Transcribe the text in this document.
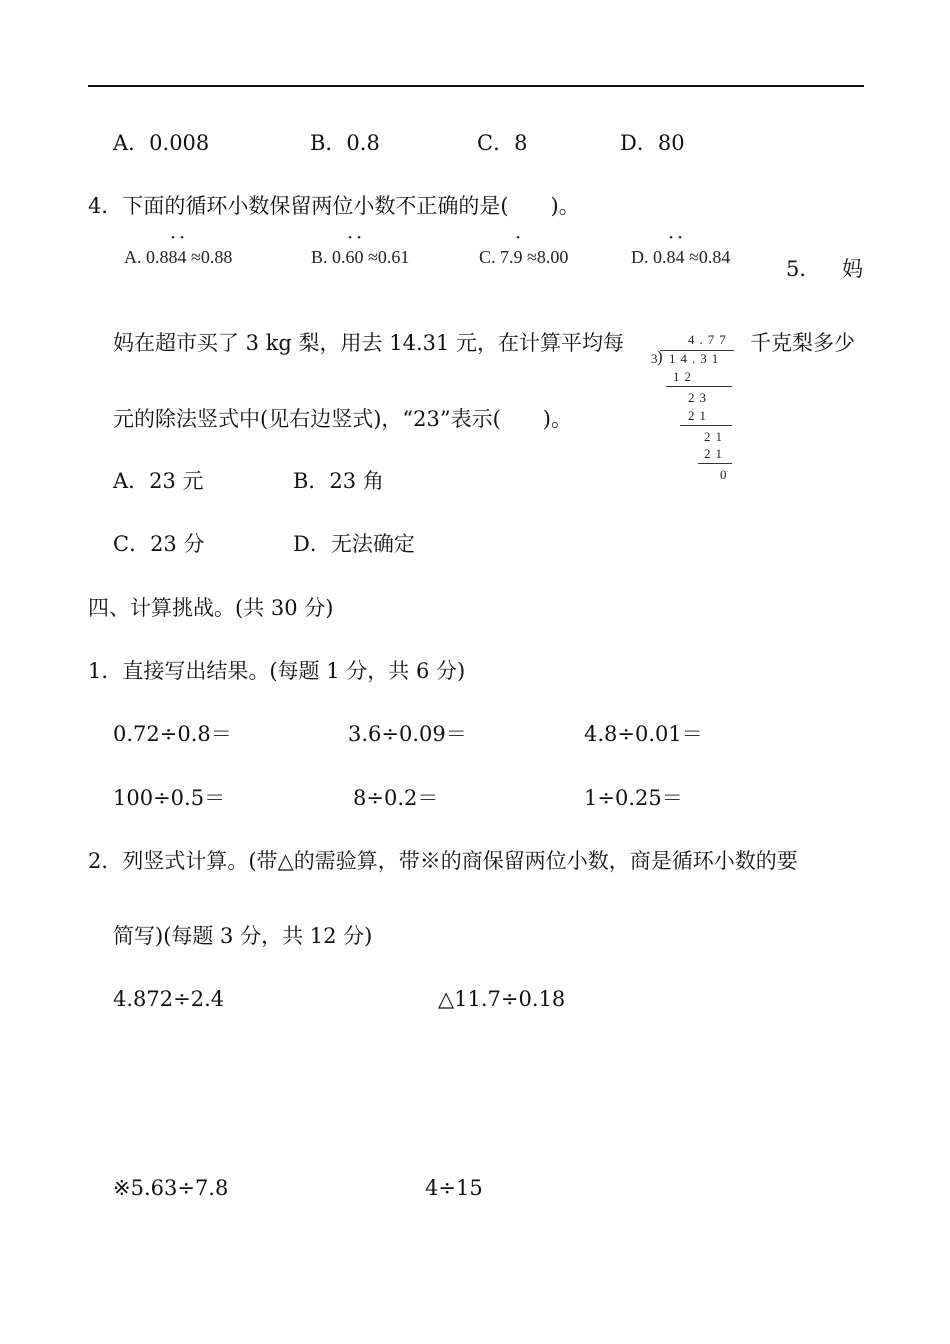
A．0.008	B．0.8	C．8	D．80
4．下面的循环小数保留两位小数不正确的是(　　)。
A. 0.8• 8• 4 ≈0.88	B. 0.• 6• 0 ≈0.61	C. 7.• 9 ≈8.00	D. 0.• 8• 4 ≈0.84	5． 妈
妈在超市买了 3 kg 梨，用去 14.31 元，在计算平均每	千克梨多少
元的除法竖式中(见右边竖式)，“23”表示(　　)。
4.77
3 ) 14.31
12
23
21
21
21
0
A．23 元	B．23 角
C．23 分	D．无法确定
四、计算挑战。(共 30 分)
1．直接写出结果。(每题 1 分，共 6 分)
0.72÷0.8＝	3.6÷0.09＝	4.8÷0.01＝
100÷0.5＝	8÷0.2＝	1÷0.25＝
2．列竖式计算。(带△的需验算，带※的商保留两位小数，商是循环小数的要
简写)(每题 3 分，共 12 分)
4.872÷2.4	△11.7÷0.18
※5.63÷7.8	4÷15
